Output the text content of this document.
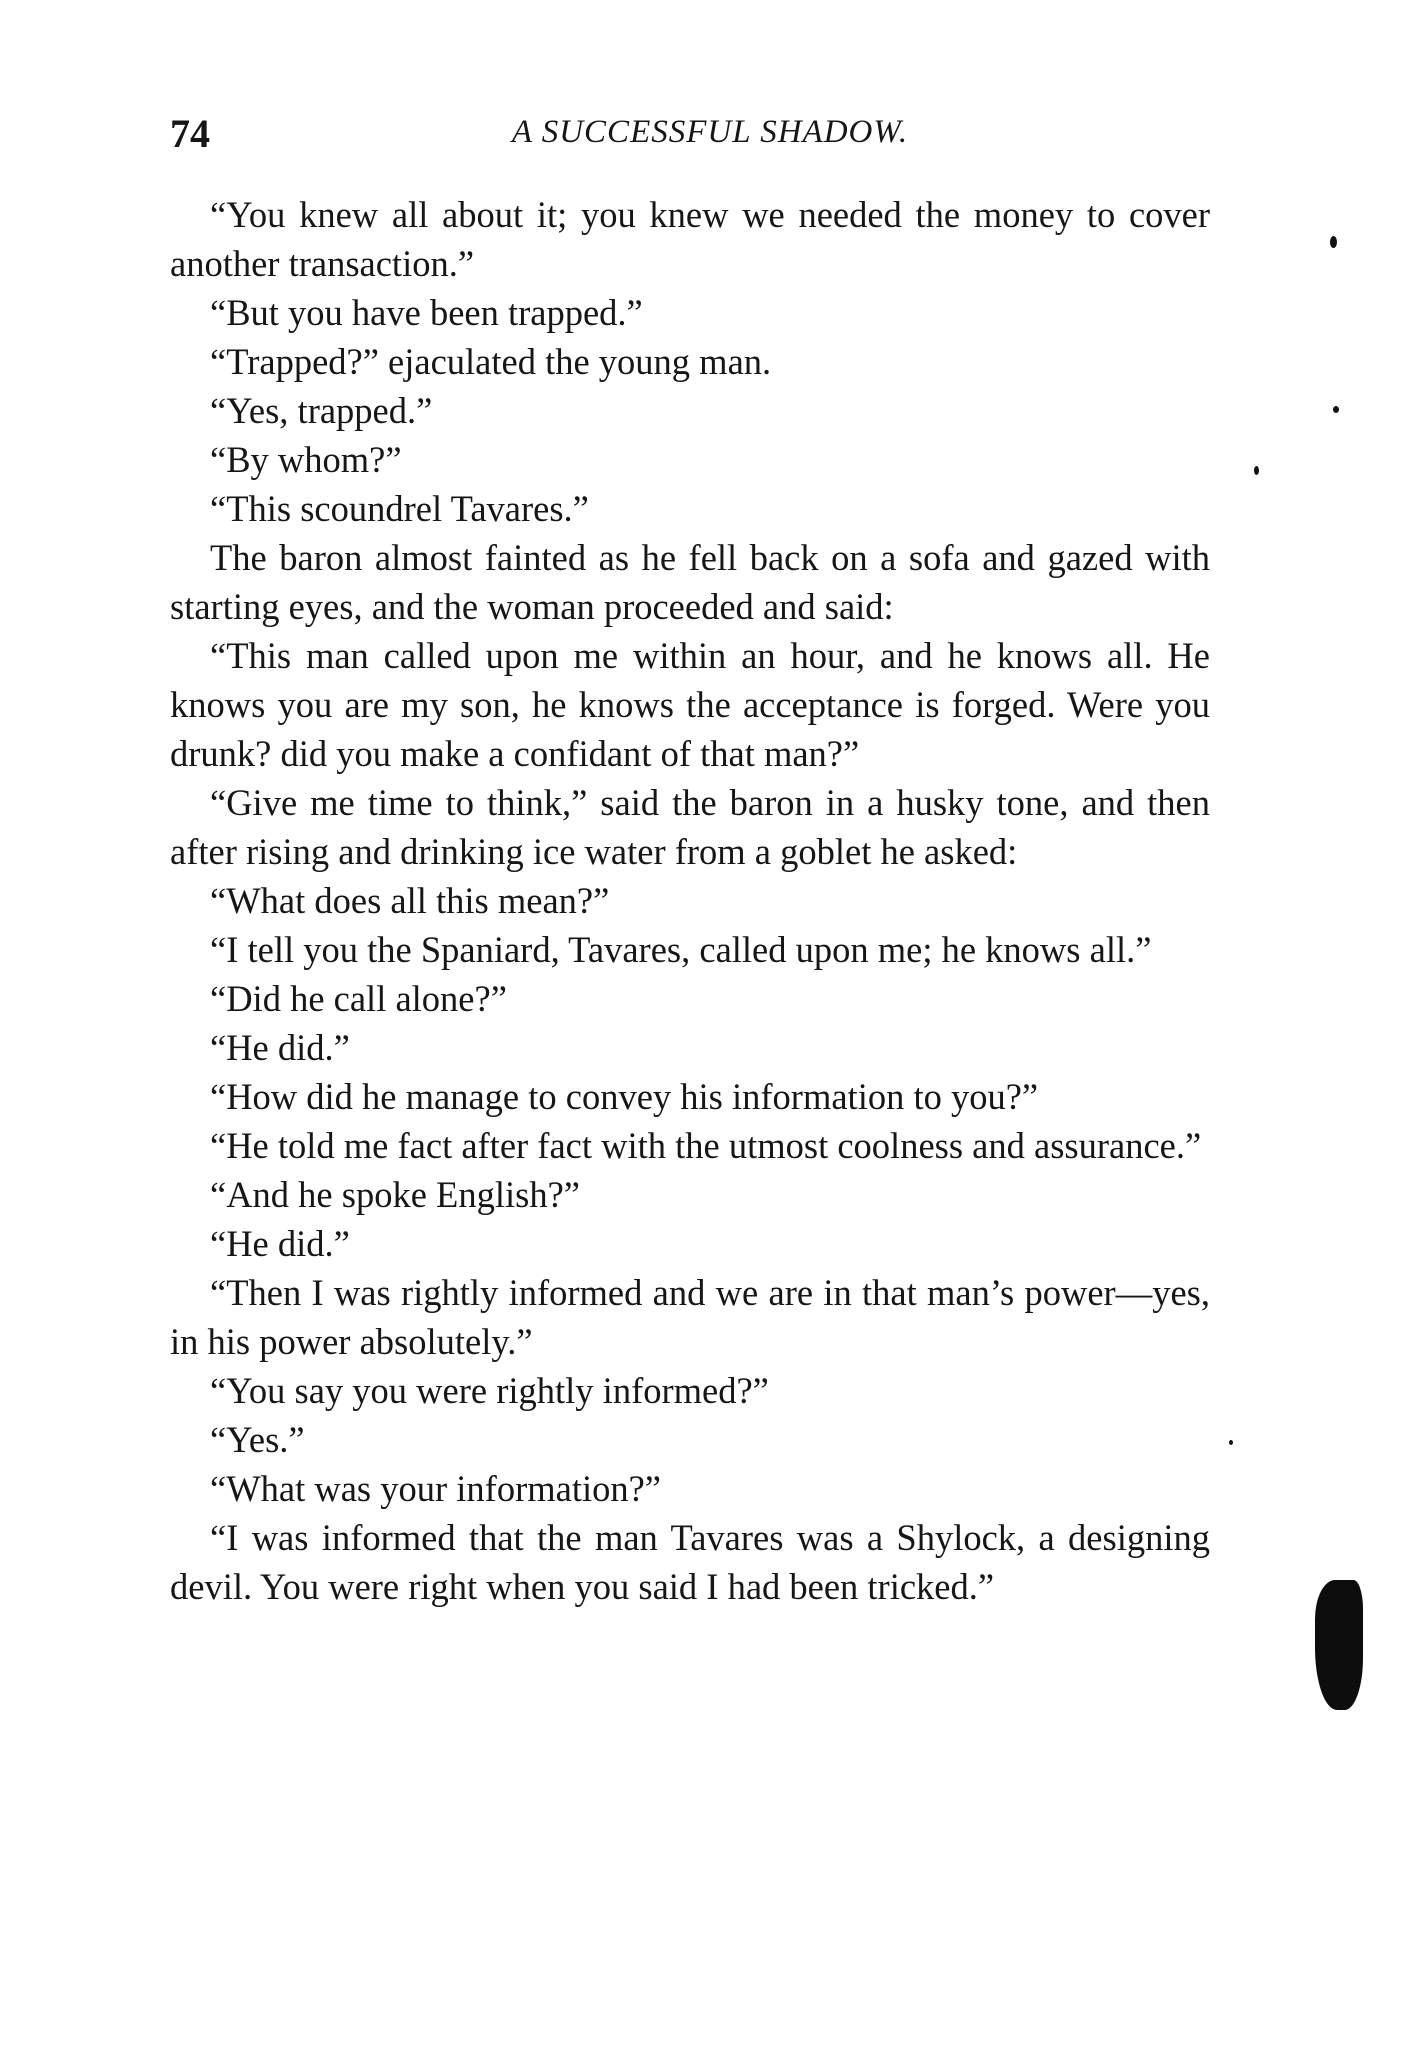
74	A SUCCESSFUL SHADOW.

“You knew all about it; you knew we needed the money to cover another transaction.”

“But you have been trapped.”

“Trapped?” ejaculated the young man.

“Yes, trapped.”

“By whom?”

“This scoundrel Tavares.”

The baron almost fainted as he fell back on a sofa and gazed with starting eyes, and the woman proceeded and said:

“This man called upon me within an hour, and he knows all. He knows you are my son, he knows the acceptance is forged. Were you drunk? did you make a confidant of that man?”

“Give me time to think,” said the baron in a husky tone, and then after rising and drinking ice water from a goblet he asked:

“What does all this mean?”

“I tell you the Spaniard, Tavares, called upon me; he knows all.”

“Did he call alone?”

“He did.”

“How did he manage to convey his information to you?”

“He told me fact after fact with the utmost coolness and assurance.”

“And he spoke English?”

“He did.”

“Then I was rightly informed and we are in that man’s power—yes, in his power absolutely.”

“You say you were rightly informed?”

“Yes.”

“What was your information?”

“I was informed that the man Tavares was a Shylock, a designing devil. You were right when you said I had been tricked.”
